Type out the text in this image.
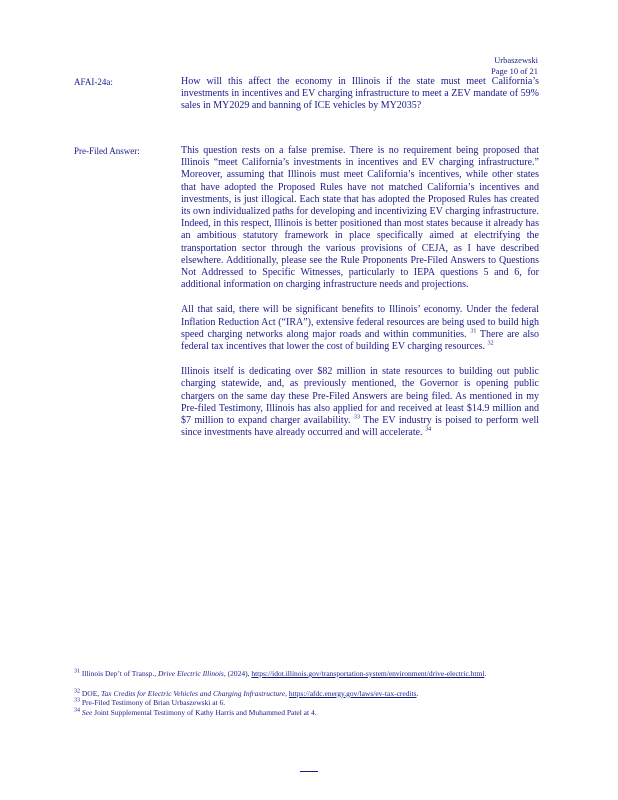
Urbaszewski
Page 10 of 21
AFAI-24a:	How will this affect the economy in Illinois if the state must meet California’s investments in incentives and EV charging infrastructure to meet a ZEV mandate of 59% sales in MY2029 and banning of ICE vehicles by MY2035?

Pre-Filed Answer:	This question rests on a false premise. There is no requirement being proposed that Illinois “meet California’s investments in incentives and EV charging infrastructure.” Moreover, assuming that Illinois must meet California’s incentives, while other states that have adopted the Proposed Rules have not matched California’s incentives and investments, is just illogical. Each state that has adopted the Proposed Rules has created its own individualized paths for developing and incentivizing EV charging infrastructure. Indeed, in this respect, Illinois is better positioned than most states because it already has an ambitious statutory framework in place specifically aimed at electrifying the transportation sector through the various provisions of CEJA, as I have described elsewhere. Additionally, please see the Rule Proponents Pre-Filed Answers to Questions Not Addressed to Specific Witnesses, particularly to IEPA questions 5 and 6, for additional information on charging infrastructure needs and projections.

All that said, there will be significant benefits to Illinois’ economy. Under the federal Inflation Reduction Act (“IRA”), extensive federal resources are being used to build high speed charging networks along major roads and within communities. $^{31}$ There are also federal tax incentives that lower the cost of building EV charging resources. $^{32}$

Illinois itself is dedicating over $82 million in state resources to building out public charging statewide, and, as previously mentioned, the Governor is opening public chargers on the same day these Pre-Filed Answers are being filed. As mentioned in my Pre-filed Testimony, Illinois has also applied for and received at least $14.9 million and $7 million to expand charger availability. $^{33}$ The EV industry is poised to perform well since investments have already occurred and will accelerate. $^{34}$

$^{31}$ Illinois Dep’t of Transp., Drive Electric Illinois, (2024), https://idot.illinois.gov/transportation-system/environment/drive-electric.html.
$^{32}$ DOE, Tax Credits for Electric Vehicles and Charging Infrastructure, https://afdc.energy.gov/laws/ev-tax-credits.
$^{33}$ Pre-Filed Testimony of Brian Urbaszewski at 6.
$^{34}$ See Joint Supplemental Testimony of Kathy Harris and Muhammed Patel at 4.
